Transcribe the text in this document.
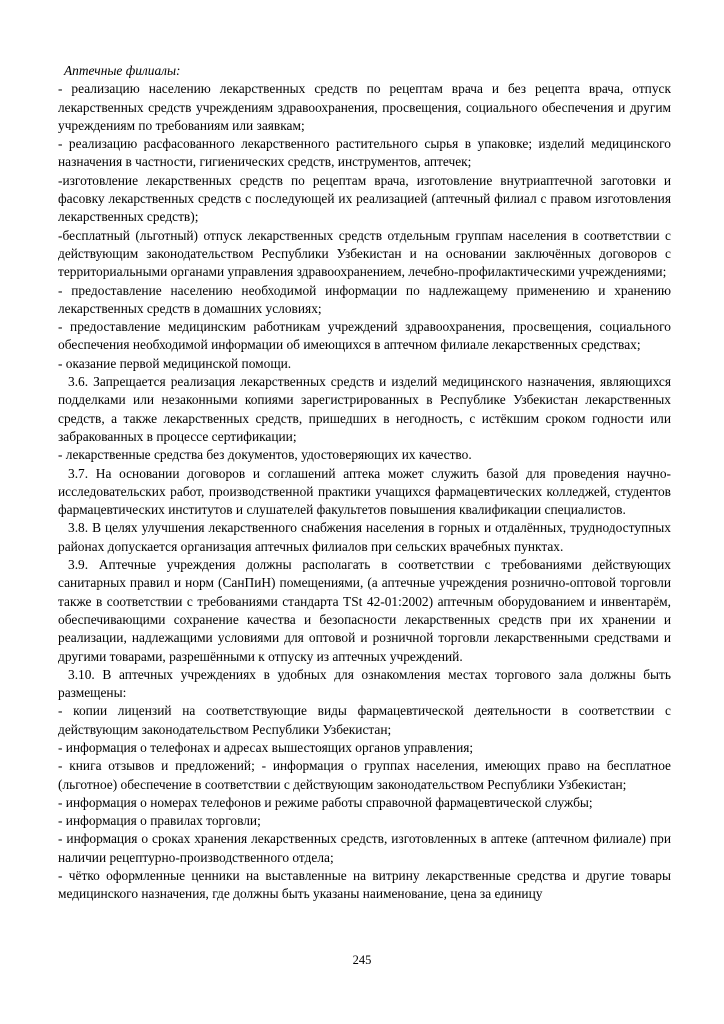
Аптечные филиалы:

- реализацию населению лекарственных средств по рецептам врача и без рецепта врача, отпуск лекарственных средств учреждениям здравоохранения, просвещения, социального обеспечения и другим учреждениям по требованиям или заявкам;

- реализацию расфасованного лекарственного растительного сырья в упаковке; изделий медицинского назначения в частности, гигиенических средств, инструментов, аптечек;

-изготовление лекарственных средств по рецептам врача, изготовление внутриаптечной заготовки и фасовку лекарственных средств с последующей их реализацией (аптечный филиал с правом изготовления лекарственных средств);

-бесплатный (льготный) отпуск лекарственных средств отдельным группам населения в соответствии с действующим законодательством Республики Узбекистан и на основании заключённых договоров с территориальными органами управления здравоохранением, лечебно-профилактическими учреждениями;

- предоставление населению необходимой информации по надлежащему применению и хранению лекарственных средств в домашних условиях;

- предоставление медицинским работникам учреждений здравоохранения, просвещения, социального обеспечения необходимой информации об имеющихся в аптечном филиале лекарственных средствах;

- оказание первой медицинской помощи.

3.6. Запрещается реализация лекарственных средств и изделий медицинского назначения, являющихся подделками или незаконными копиями зарегистрированных в Республике Узбекистан лекарственных средств, а также лекарственных средств, пришедших в негодность, с истёкшим сроком годности или забракованных в процессе сертификации;

- лекарственные средства без документов, удостоверяющих их качество.

3.7. На основании договоров и соглашений аптека может служить базой для проведения научно-исследовательских работ, производственной практики учащихся фармацевтических колледжей, студентов фармацевтических институтов и слушателей факультетов повышения квалификации специалистов.

3.8. В целях улучшения лекарственного снабжения населения в горных и отдалённых, труднодоступных районах допускается организация аптечных филиалов при сельских врачебных пунктах.

3.9. Аптечные учреждения должны располагать в соответствии с требованиями действующих санитарных правил и норм (СанПиН) помещениями, (а аптечные учреждения рознично-оптовой торговли также в соответствии с требованиями стандарта TSt 42-01:2002) аптечным оборудованием и инвентарём, обеспечивающими сохранение качества и безопасности лекарственных средств при их хранении и реализации, надлежащими условиями для оптовой и розничной торговли лекарственными средствами и другими товарами, разрешёнными к отпуску из аптечных учреждений.

3.10. В аптечных учреждениях в удобных для ознакомления местах торгового зала должны быть размещены:

- копии лицензий на соответствующие виды фармацевтической деятельности в соответствии с действующим законодательством Республики Узбекистан;

- информация о телефонах и адресах вышестоящих органов управления;

- книга отзывов и предложений; - информация о группах населения, имеющих право на бесплатное (льготное) обеспечение в соответствии с действующим законодательством Республики Узбекистан;

- информация о номерах телефонов и режиме работы справочной фармацевтической службы;

- информация о правилах торговли;

- информация о сроках хранения лекарственных средств, изготовленных в аптеке (аптечном филиале) при наличии рецептурно-производственного отдела;

- чётко оформленные ценники на выставленные на витрину лекарственные средства и другие товары медицинского назначения, где должны быть указаны наименование, цена за единицу

245
